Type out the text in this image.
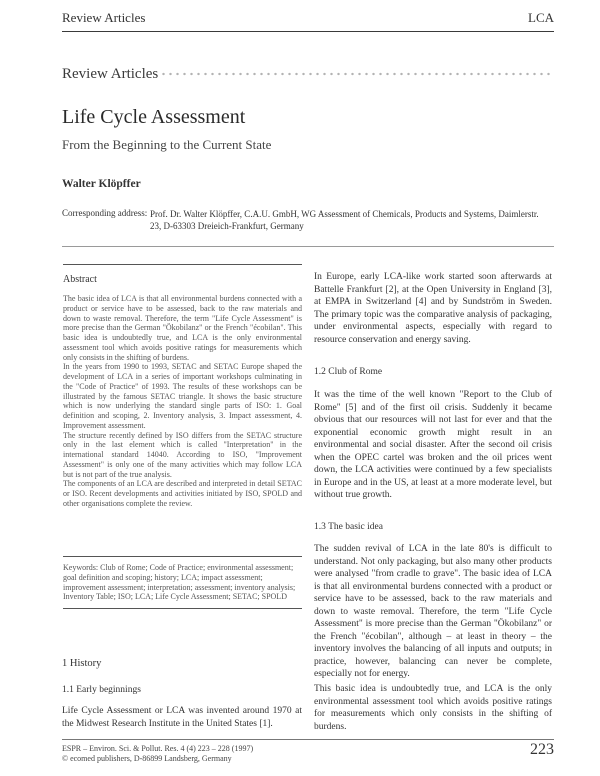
Review Articles	LCA
Review Articles
Life Cycle Assessment
From the Beginning to the Current State
Walter Klöpffer
Corresponding address: Prof. Dr. Walter Klöpffer, C.A.U. GmbH, WG Assessment of Chemicals, Products and Systems, Daimlerstr. 23, D-63303 Dreieich-Frankfurt, Germany
Abstract

The basic idea of LCA is that all environmental burdens connected with a product or service have to be assessed, back to the raw materials and down to waste removal. Therefore, the term "Life Cycle Assessment" is more precise than the German "Ökobilanz" or the French "écobilan". This basic idea is undoubtedly true, and LCA is the only environmental assessment tool which avoids positive ratings for measurements which only consists in the shifting of burdens.

In the years from 1990 to 1993, SETAC and SETAC Europe shaped the development of LCA in a series of important workshops culminating in the "Code of Practice" of 1993. The results of these workshops can be illustrated by the famous SETAC triangle. It shows the basic structure which is now underlying the standard single parts of ISO: 1. Goal definition and scoping, 2. Inventory analysis, 3. Impact assessment, 4. Improvement assessment.

The structure recently defined by ISO differs from the SETAC structure only in the last element which is called "Interpretation" in the international standard 14040. According to ISO, "Improvement Assessment" is only one of the many activities which may follow LCA but is not part of the true analysis.

The components of an LCA are described and interpreted in detail SETAC or ISO. Recent developments and activities initiated by ISO, SPOLD and other organisations complete the review.

Keywords: Club of Rome; Code of Practice; environmental assessment; goal definition and scoping; history; LCA; impact assessment; improvement assessment; interpretation; assessment; inventory analysis; Inventory Table; ISO; LCA; Life Cycle Assessment; SETAC; SPOLD
1 History
1.1 Early beginnings
Life Cycle Assessment or LCA was invented around 1970 at the Midwest Research Institute in the United States [1].
In Europe, early LCA-like work started soon afterwards at Battelle Frankfurt [2], at the Open University in England [3], at EMPA in Switzerland [4] and by Sundström in Sweden. The primary topic was the comparative analysis of packaging, under environmental aspects, especially with regard to resource conservation and energy saving.
1.2 Club of Rome
It was the time of the well known "Report to the Club of Rome" [5] and of the first oil crisis. Suddenly it became obvious that our resources will not last for ever and that the exponential economic growth might result in an environmental and social disaster. After the second oil crisis when the OPEC cartel was broken and the oil prices went down, the LCA activities were continued by a few specialists in Europe and in the US, at least at a more moderate level, but without true growth.
1.3 The basic idea
The sudden revival of LCA in the late 80's is difficult to understand. Not only packaging, but also many other products were analysed "from cradle to grave". The basic idea of LCA is that all environmental burdens connected with a product or service have to be assessed, back to the raw materials and down to waste removal. Therefore, the term "Life Cycle Assessment" is more precise than the German "Ökobilanz" or the French "écobilan", although – at least in theory – the inventory involves the balancing of all inputs and outputs; in practice, however, balancing can never be complete, especially not for energy.
This basic idea is undoubtedly true, and LCA is the only environmental assessment tool which avoids positive ratings for measurements which only consists in the shifting of burdens.
ESPR – Environ. Sci. & Pollut. Res. 4 (4) 223 – 228 (1997)
© ecomed publishers, D-86899 Landsberg, Germany
223
